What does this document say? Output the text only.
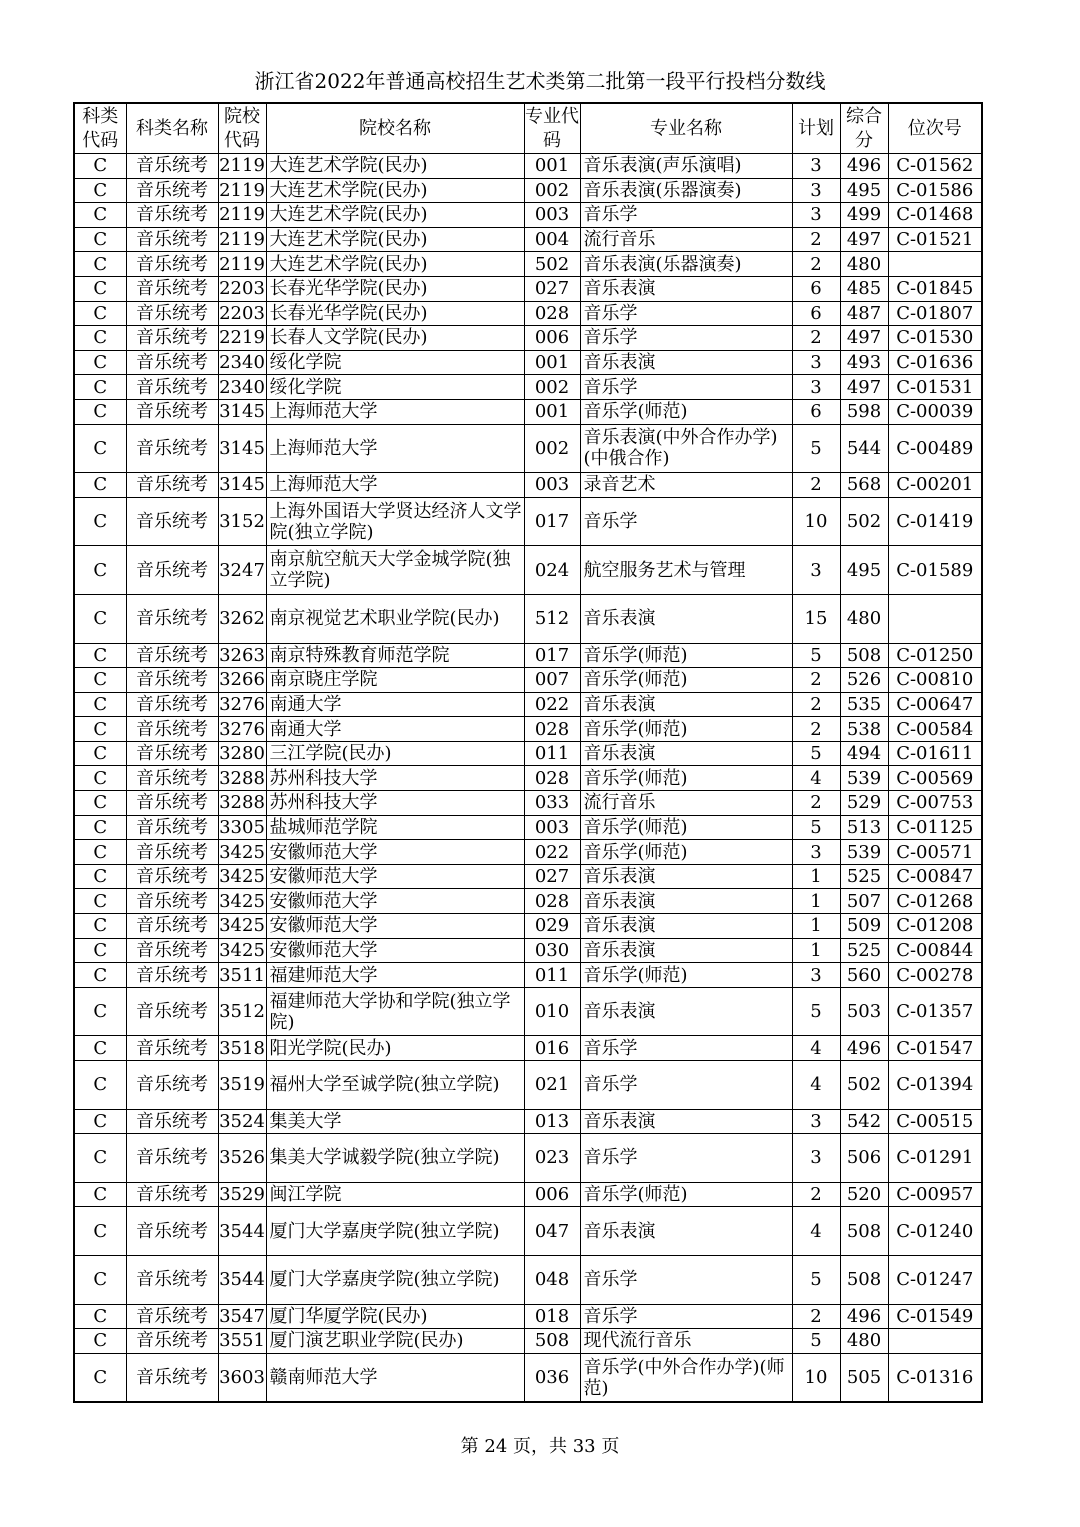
浙江省2022年普通高校招生艺术类第二批第一段平行投档分数线
科类代码	科类名称	院校代码	院校名称	专业代码	专业名称	计划	综合分	位次号
C	音乐统考	2119	大连艺术学院(民办)	001	音乐表演(声乐演唱)	3	496	C-01562
C	音乐统考	2119	大连艺术学院(民办)	002	音乐表演(乐器演奏)	3	495	C-01586
C	音乐统考	2119	大连艺术学院(民办)	003	音乐学	3	499	C-01468
C	音乐统考	2119	大连艺术学院(民办)	004	流行音乐	2	497	C-01521
C	音乐统考	2119	大连艺术学院(民办)	502	音乐表演(乐器演奏)	2	480	
C	音乐统考	2203	长春光华学院(民办)	027	音乐表演	6	485	C-01845
C	音乐统考	2203	长春光华学院(民办)	028	音乐学	6	487	C-01807
C	音乐统考	2219	长春人文学院(民办)	006	音乐学	2	497	C-01530
C	音乐统考	2340	绥化学院	001	音乐表演	3	493	C-01636
C	音乐统考	2340	绥化学院	002	音乐学	3	497	C-01531
C	音乐统考	3145	上海师范大学	001	音乐学(师范)	6	598	C-00039
C	音乐统考	3145	上海师范大学	002	音乐表演(中外合作办学)(中俄合作)	5	544	C-00489
C	音乐统考	3145	上海师范大学	003	录音艺术	2	568	C-00201
C	音乐统考	3152	上海外国语大学贤达经济人文学院(独立学院)	017	音乐学	10	502	C-01419
C	音乐统考	3247	南京航空航天大学金城学院(独立学院)	024	航空服务艺术与管理	3	495	C-01589
C	音乐统考	3262	南京视觉艺术职业学院(民办)	512	音乐表演	15	480	
C	音乐统考	3263	南京特殊教育师范学院	017	音乐学(师范)	5	508	C-01250
C	音乐统考	3266	南京晓庄学院	007	音乐学(师范)	2	526	C-00810
C	音乐统考	3276	南通大学	022	音乐表演	2	535	C-00647
C	音乐统考	3276	南通大学	028	音乐学(师范)	2	538	C-00584
C	音乐统考	3280	三江学院(民办)	011	音乐表演	5	494	C-01611
C	音乐统考	3288	苏州科技大学	028	音乐学(师范)	4	539	C-00569
C	音乐统考	3288	苏州科技大学	033	流行音乐	2	529	C-00753
C	音乐统考	3305	盐城师范学院	003	音乐学(师范)	5	513	C-01125
C	音乐统考	3425	安徽师范大学	022	音乐学(师范)	3	539	C-00571
C	音乐统考	3425	安徽师范大学	027	音乐表演	1	525	C-00847
C	音乐统考	3425	安徽师范大学	028	音乐表演	1	507	C-01268
C	音乐统考	3425	安徽师范大学	029	音乐表演	1	509	C-01208
C	音乐统考	3425	安徽师范大学	030	音乐表演	1	525	C-00844
C	音乐统考	3511	福建师范大学	011	音乐学(师范)	3	560	C-00278
C	音乐统考	3512	福建师范大学协和学院(独立学院)	010	音乐表演	5	503	C-01357
C	音乐统考	3518	阳光学院(民办)	016	音乐学	4	496	C-01547
C	音乐统考	3519	福州大学至诚学院(独立学院)	021	音乐学	4	502	C-01394
C	音乐统考	3524	集美大学	013	音乐表演	3	542	C-00515
C	音乐统考	3526	集美大学诚毅学院(独立学院)	023	音乐学	3	506	C-01291
C	音乐统考	3529	闽江学院	006	音乐学(师范)	2	520	C-00957
C	音乐统考	3544	厦门大学嘉庚学院(独立学院)	047	音乐表演	4	508	C-01240
C	音乐统考	3544	厦门大学嘉庚学院(独立学院)	048	音乐学	5	508	C-01247
C	音乐统考	3547	厦门华厦学院(民办)	018	音乐学	2	496	C-01549
C	音乐统考	3551	厦门演艺职业学院(民办)	508	现代流行音乐	5	480	
C	音乐统考	3603	赣南师范大学	036	音乐学(中外合作办学)(师范)	10	505	C-01316
第 24 页，共 33 页
